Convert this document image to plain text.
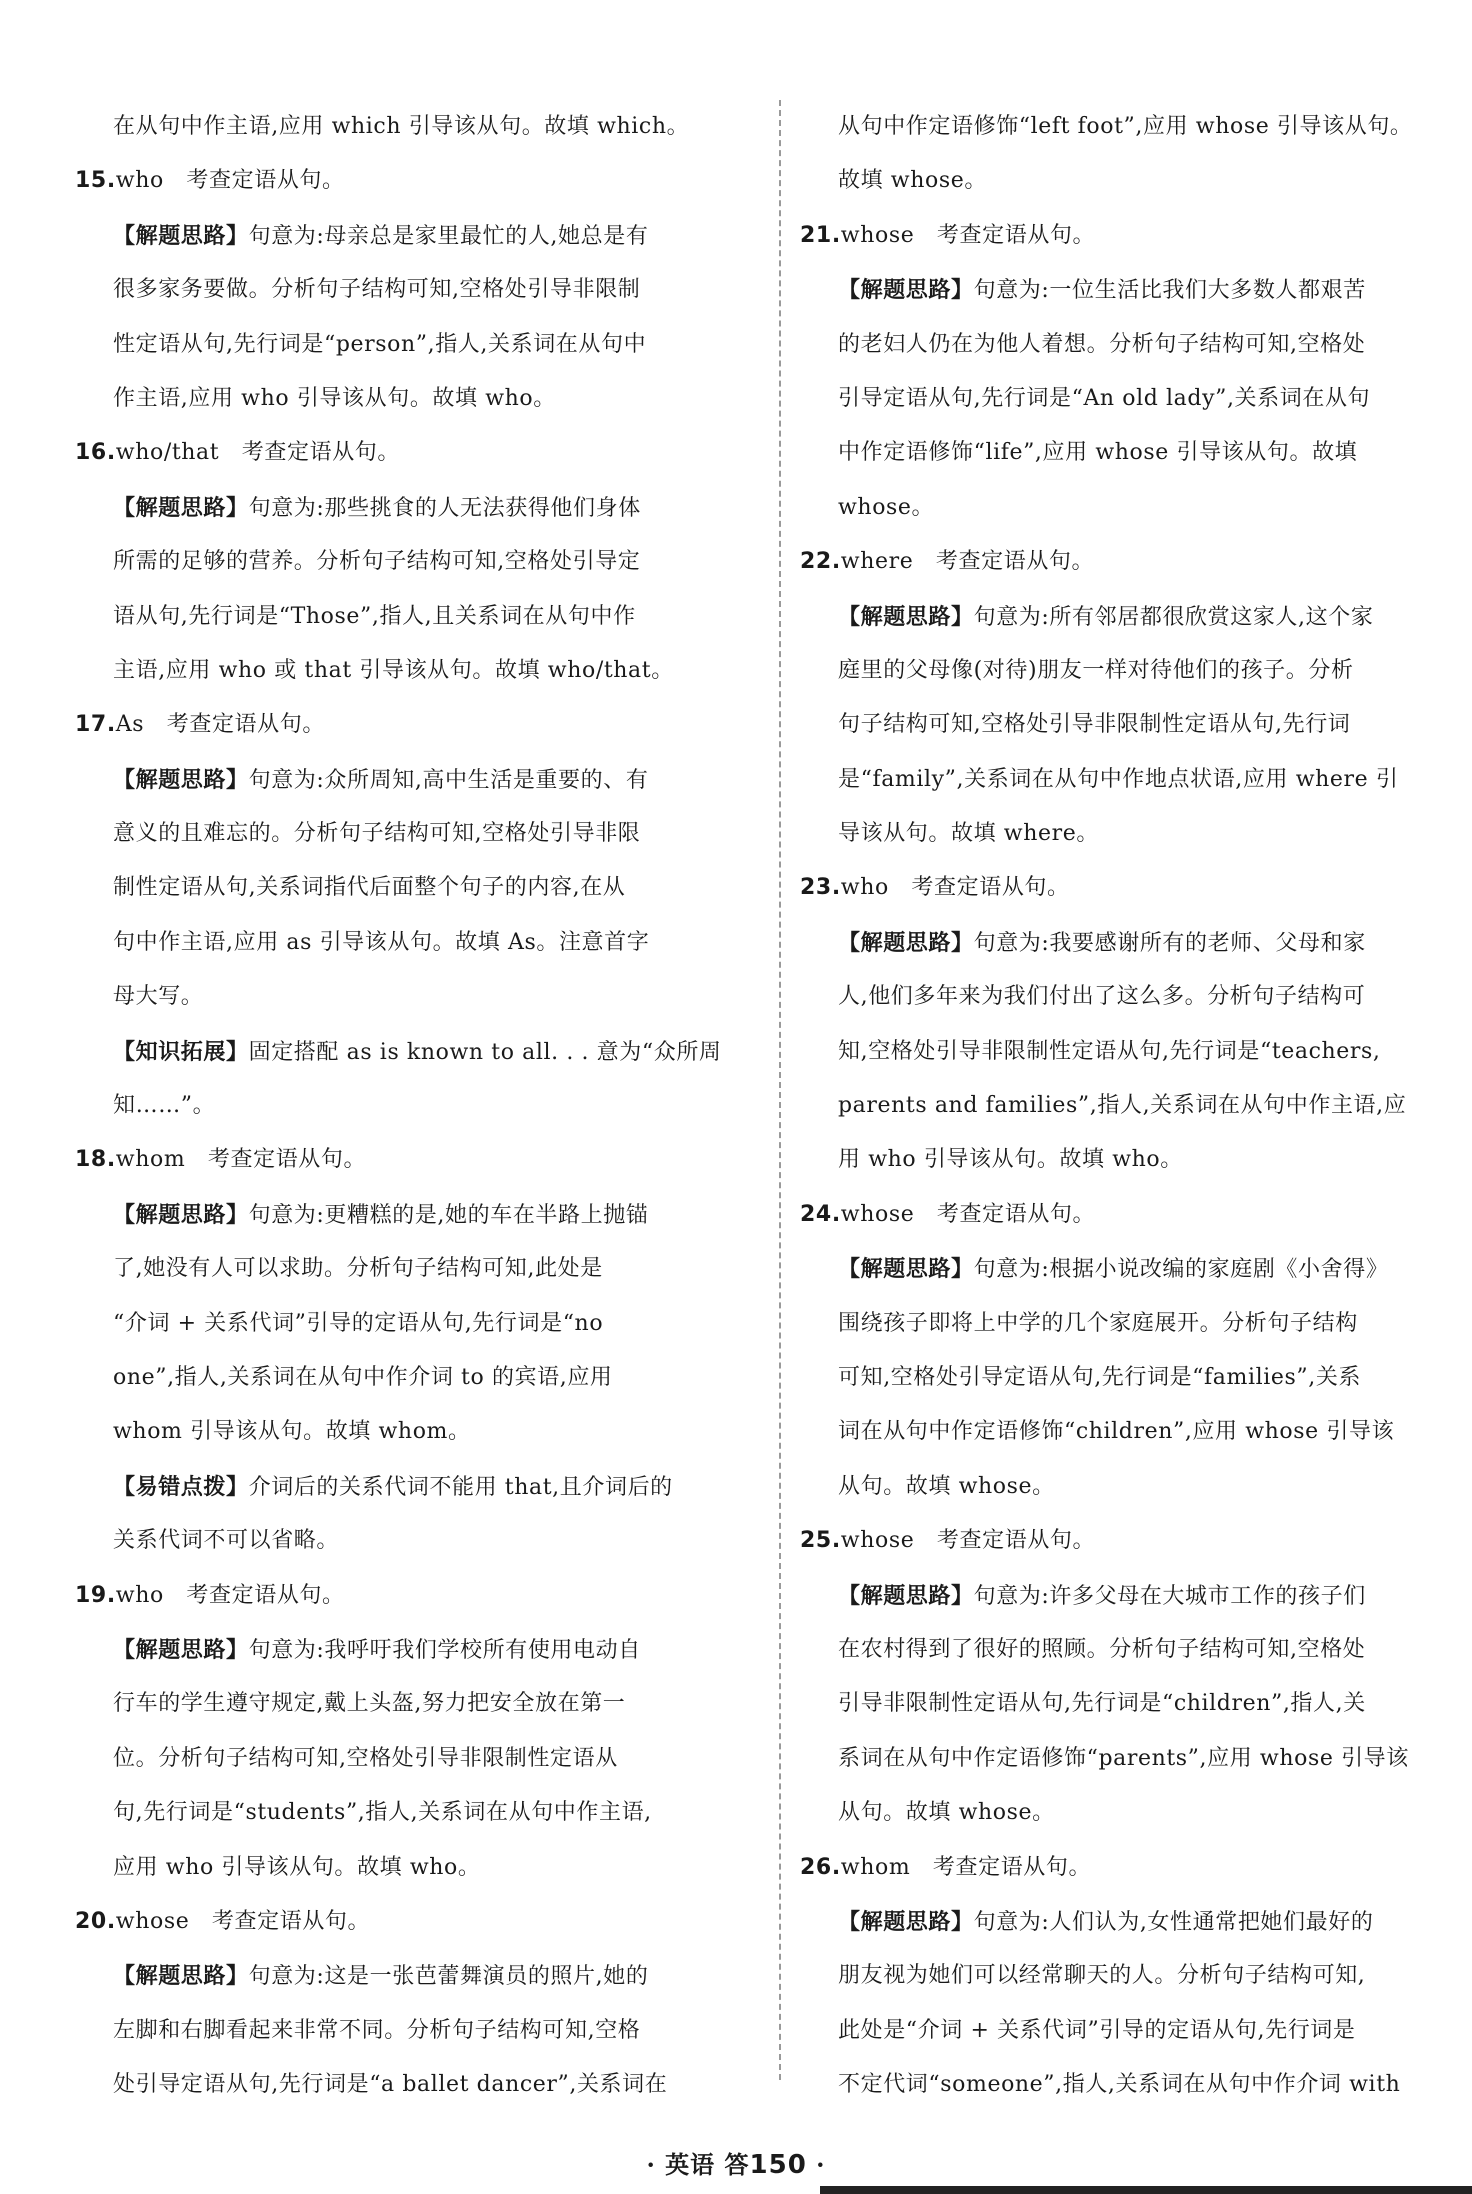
在从句中作主语,应用 which 引导该从句。故填 which。
15.who　考查定语从句。
【解题思路】句意为:母亲总是家里最忙的人,她总是有
很多家务要做。分析句子结构可知,空格处引导非限制
性定语从句,先行词是“person”,指人,关系词在从句中
作主语,应用 who 引导该从句。故填 who。
16.who/that　考查定语从句。
【解题思路】句意为:那些挑食的人无法获得他们身体
所需的足够的营养。分析句子结构可知,空格处引导定
语从句,先行词是“Those”,指人,且关系词在从句中作
主语,应用 who 或 that 引导该从句。故填 who/that。
17.As　考查定语从句。
【解题思路】句意为:众所周知,高中生活是重要的、有
意义的且难忘的。分析句子结构可知,空格处引导非限
制性定语从句,关系词指代后面整个句子的内容,在从
句中作主语,应用 as 引导该从句。故填 As。注意首字
母大写。
【知识拓展】固定搭配 as is known to all. . . 意为“众所周
知……”。
18.whom　考查定语从句。
【解题思路】句意为:更糟糕的是,她的车在半路上抛锚
了,她没有人可以求助。分析句子结构可知,此处是
“介词 + 关系代词”引导的定语从句,先行词是“no
one”,指人,关系词在从句中作介词 to 的宾语,应用
whom 引导该从句。故填 whom。
【易错点拨】介词后的关系代词不能用 that,且介词后的
关系代词不可以省略。
19.who　考查定语从句。
【解题思路】句意为:我呼吁我们学校所有使用电动自
行车的学生遵守规定,戴上头盔,努力把安全放在第一
位。分析句子结构可知,空格处引导非限制性定语从
句,先行词是“students”,指人,关系词在从句中作主语,
应用 who 引导该从句。故填 who。
20.whose　考查定语从句。
【解题思路】句意为:这是一张芭蕾舞演员的照片,她的
左脚和右脚看起来非常不同。分析句子结构可知,空格
处引导定语从句,先行词是“a ballet dancer”,关系词在
从句中作定语修饰“left foot”,应用 whose 引导该从句。
故填 whose。
21.whose　考查定语从句。
【解题思路】句意为:一位生活比我们大多数人都艰苦
的老妇人仍在为他人着想。分析句子结构可知,空格处
引导定语从句,先行词是“An old lady”,关系词在从句
中作定语修饰“life”,应用 whose 引导该从句。故填
whose。
22.where　考查定语从句。
【解题思路】句意为:所有邻居都很欣赏这家人,这个家
庭里的父母像(对待)朋友一样对待他们的孩子。分析
句子结构可知,空格处引导非限制性定语从句,先行词
是“family”,关系词在从句中作地点状语,应用 where 引
导该从句。故填 where。
23.who　考查定语从句。
【解题思路】句意为:我要感谢所有的老师、父母和家
人,他们多年来为我们付出了这么多。分析句子结构可
知,空格处引导非限制性定语从句,先行词是“teachers,
parents and families”,指人,关系词在从句中作主语,应
用 who 引导该从句。故填 who。
24.whose　考查定语从句。
【解题思路】句意为:根据小说改编的家庭剧《小舍得》
围绕孩子即将上中学的几个家庭展开。分析句子结构
可知,空格处引导定语从句,先行词是“families”,关系
词在从句中作定语修饰“children”,应用 whose 引导该
从句。故填 whose。
25.whose　考查定语从句。
【解题思路】句意为:许多父母在大城市工作的孩子们
在农村得到了很好的照顾。分析句子结构可知,空格处
引导非限制性定语从句,先行词是“children”,指人,关
系词在从句中作定语修饰“parents”,应用 whose 引导该
从句。故填 whose。
26.whom　考查定语从句。
【解题思路】句意为:人们认为,女性通常把她们最好的
朋友视为她们可以经常聊天的人。分析句子结构可知,
此处是“介词 + 关系代词”引导的定语从句,先行词是
不定代词“someone”,指人,关系词在从句中作介词 with
· 英语 答150 ·
